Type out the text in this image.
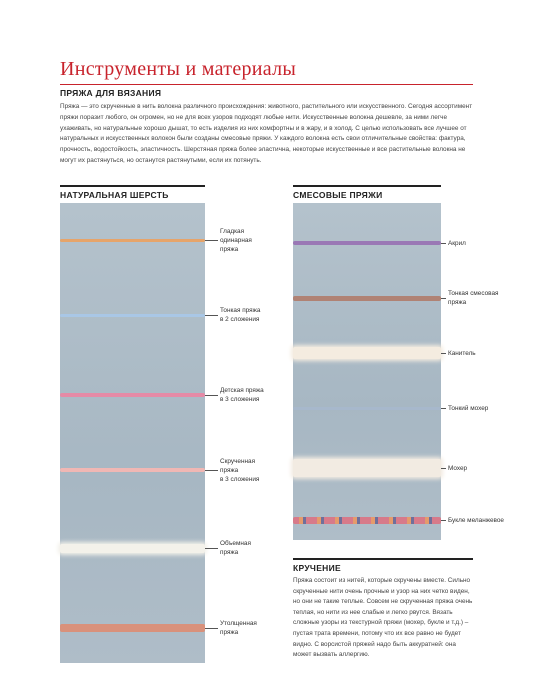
Инструменты и материалы
ПРЯЖА ДЛЯ ВЯЗАНИЯ

Пряжа — это скрученные в нить волокна различного происхождения: животного, растительного или искусственного. Сегодня ассортимент пряжи поразит любого, он огромен, но не для всех узоров подходят любые нити. Искусственные волокна дешевле, за ними легче ухаживать, но натуральные хорошо дышат, то есть изделия из них комфортны и в жару, и в холод. С целью использовать все лучшее от натуральных и искусственных волокон были созданы смесовые пряжи. У каждого волокна есть свои отличительные свойства: фактура, прочность, водостойкость, эластичность. Шерстяная пряжа более эластична, некоторые искусственные и все растительные волокна не могут их растянуться, но останутся растянутыми, если их потянуть.

НАТУРАЛЬНАЯ ШЕРСТЬ

Гладкая
одинарная
пряжа

Тонкая пряжа
в 2 сложения

Детская пряжа
в 3 сложения

Скрученная
пряжа
в 3 сложения

Объемная
пряжа

Утолщенная
пряжа

СМЕСОВЫЕ ПРЯЖИ

Акрил

Тонкая смесовая
пряжа

Канитель

Тонкий мохер

Мохер

Букле меланжевое

КРУЧЕНИЕ

Пряжа состоит из нитей, которые скручены вместе. Сильно скрученные нити очень прочные и узор на них четко виден, но они не такие теплые. Совсем не скрученная пряжа очень теплая, но нити из нее слабые и легко рвутся. Вязать сложные узоры из текстурной пряжи (мохер, букле и т.д.) – пустая трата времени, потому что их все равно не будет видно. С ворсистой пряжей надо быть аккуратней: она может вызвать аллергию.
